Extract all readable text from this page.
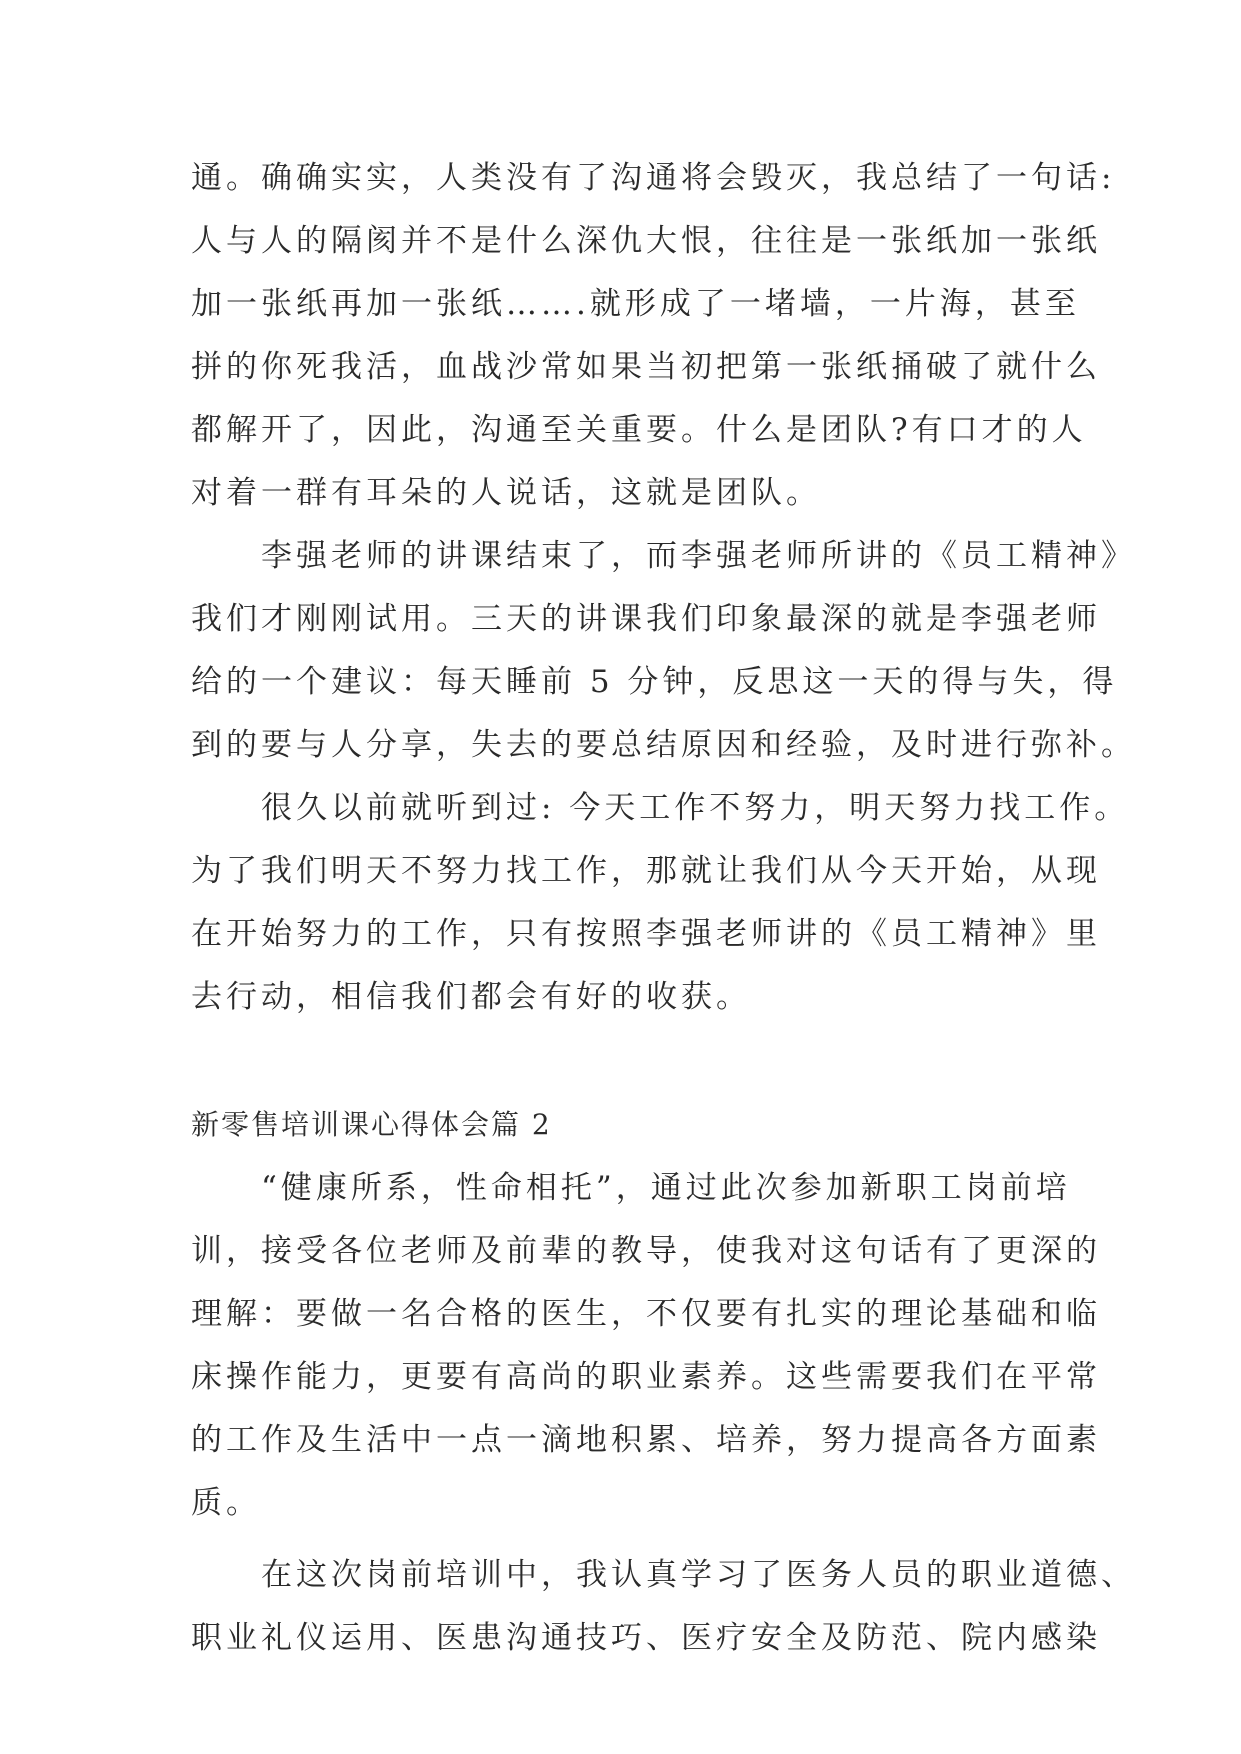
通。确确实实，人类没有了沟通将会毁灭，我总结了一句话:
人与人的隔阂并不是什么深仇大恨，往往是一张纸加一张纸
加一张纸再加一张纸…….就形成了一堵墙，一片海，甚至
拼的你死我活，血战沙常如果当初把第一张纸捅破了就什么
都解开了，因此，沟通至关重要。什么是团队?有口才的人
对着一群有耳朵的人说话，这就是团队。
　　李强老师的讲课结束了，而李强老师所讲的《员工精神》
我们才刚刚试用。三天的讲课我们印象最深的就是李强老师
给的一个建议：每天睡前 5 分钟，反思这一天的得与失，得
到的要与人分享，失去的要总结原因和经验，及时进行弥补。
　　很久以前就听到过: 今天工作不努力，明天努力找工作。
为了我们明天不努力找工作，那就让我们从今天开始，从现
在开始努力的工作，只有按照李强老师讲的《员工精神》里
去行动，相信我们都会有好的收获。
新零售培训课心得体会篇 2
　　“健康所系，性命相托”，通过此次参加新职工岗前培
训，接受各位老师及前辈的教导，使我对这句话有了更深的
理解：要做一名合格的医生，不仅要有扎实的理论基础和临
床操作能力，更要有高尚的职业素养。这些需要我们在平常
的工作及生活中一点一滴地积累、培养，努力提高各方面素
质。
　　在这次岗前培训中，我认真学习了医务人员的职业道德、
职业礼仪运用、医患沟通技巧、医疗安全及防范、院内感染
